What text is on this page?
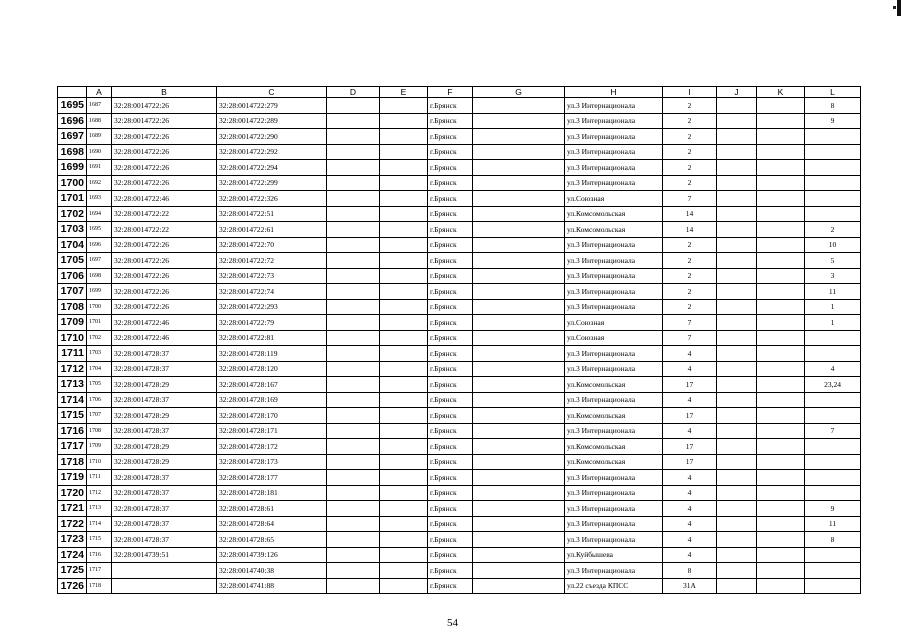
	A	B	C	D	E	F	G	H	I	J	K	L
1695	1687	32:28:0014722:26	32:28:0014722:279			г.Брянск		ул.3 Интернационала	2			8
1696	1688	32:28:0014722:26	32:28:0014722:289			г.Брянск		ул.3 Интернационала	2			9
1697	1689	32:28:0014722:26	32:28:0014722:290			г.Брянск		ул.3 Интернационала	2			
1698	1690	32:28:0014722:26	32:28:0014722:292			г.Брянск		ул.3 Интернационала	2			
1699	1691	32:28:0014722:26	32:28:0014722:294			г.Брянск		ул.3 Интернационала	2			
1700	1692	32:28:0014722:26	32:28:0014722:299			г.Брянск		ул.3 Интернационала	2			
1701	1693	32:28:0014722:46	32:28:0014722:326			г.Брянск		ул.Союзная	7			
1702	1694	32:28:0014722:22	32:28:0014722:51			г.Брянск		ул.Комсомольская	14			
1703	1695	32:28:0014722:22	32:28:0014722:61			г.Брянск		ул.Комсомольская	14			2
1704	1696	32:28:0014722:26	32:28:0014722:70			г.Брянск		ул.3 Интернационала	2			10
1705	1697	32:28:0014722:26	32:28:0014722:72			г.Брянск		ул.3 Интернационала	2			5
1706	1698	32:28:0014722:26	32:28:0014722:73			г.Брянск		ул.3 Интернационала	2			3
1707	1699	32:28:0014722:26	32:28:0014722:74			г.Брянск		ул.3 Интернационала	2			11
1708	1700	32:28:0014722:26	32:28:0014722:293			г.Брянск		ул.3 Интернационала	2			1
1709	1701	32:28:0014722:46	32:28:0014722:79			г.Брянск		ул.Союзная	7			1
1710	1702	32:28:0014722:46	32:28:0014722:81			г.Брянск		ул.Союзная	7			
1711	1703	32:28:0014728:37	32:28:0014728:119			г.Брянск		ул.3 Интернационала	4			
1712	1704	32:28:0014728:37	32:28:0014728:120			г.Брянск		ул.3 Интернационала	4			4
1713	1705	32:28:0014728:29	32:28:0014728:167			г.Брянск		ул.Комсомольская	17			23,24
1714	1706	32:28:0014728:37	32:28:0014728:169			г.Брянск		ул.3 Интернационала	4			
1715	1707	32:28:0014728:29	32:28:0014728:170			г.Брянск		ул.Комсомольская	17			
1716	1708	32:28:0014728:37	32:28:0014728:171			г.Брянск		ул.3 Интернационала	4			7
1717	1709	32:28:0014728:29	32:28:0014728:172			г.Брянск		ул.Комсомольская	17			
1718	1710	32:28:0014728:29	32:28:0014728:173			г.Брянск		ул.Комсомольская	17			
1719	1711	32:28:0014728:37	32:28:0014728:177			г.Брянск		ул.3 Интернационала	4			
1720	1712	32:28:0014728:37	32:28:0014728:181			г.Брянск		ул.3 Интернационала	4			
1721	1713	32:28:0014728:37	32:28:0014728:61			г.Брянск		ул.3 Интернационала	4			9
1722	1714	32:28:0014728:37	32:28:0014728:64			г.Брянск		ул.3 Интернационала	4			11
1723	1715	32:28:0014728:37	32:28:0014728:65			г.Брянск		ул.3 Интернационала	4			8
1724	1716	32:28:0014739:51	32:28:0014739:126			г.Брянск		ул.Куйбышева	4			
1725	1717		32:28:0014740:38			г.Брянск		ул.3 Интернационала	8			
1726	1718		32:28:0014741:88			г.Брянск		ул.22 съезда КПСС	31А			
54
